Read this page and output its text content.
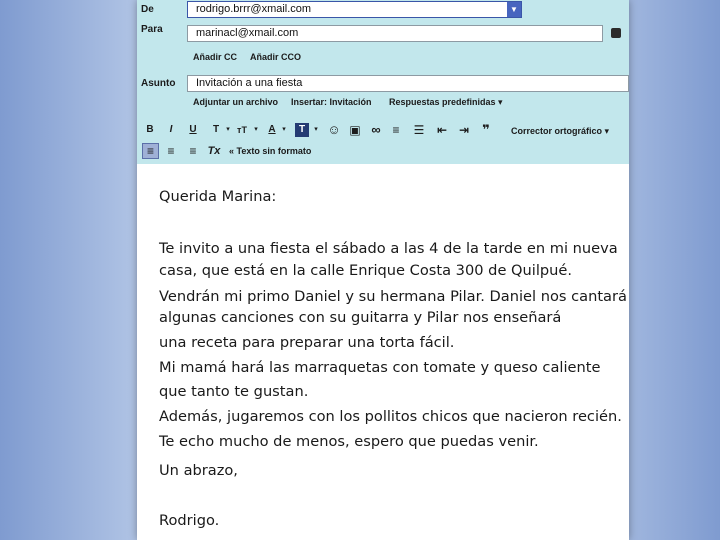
De	rodrigo.brrr@xmail.com	▼
Para	marinacl@xmail.com
Añadir CC Añadir CCO
Asunto	Invitación a una fiesta
Adjuntar un archivo Insertar: Invitación Respuestas predefinidas ▾
B	I	U	T	▾ ᴛT	▾	A ▾	T	▾ ☺ ▣ ∞ ≡ ☰ ⇤ ⇥ ❞	Corrector ortográfico ▾
≡	≡ ≡	Tx « Texto sin formato
Querida Marina:
Te invito a una fiesta el sábado a las 4 de la tarde en mi nueva
casa, que está en la calle Enrique Costa 300 de Quilpué.
Vendrán mi primo Daniel y su hermana Pilar. Daniel nos cantará
algunas canciones con su guitarra y Pilar nos enseñará
una receta para preparar una torta fácil.
Mi mamá hará las marraquetas con tomate y queso caliente
que tanto te gustan.
Además, jugaremos con los pollitos chicos que nacieron recién.
Te echo mucho de menos, espero que puedas venir.
Un abrazo,
Rodrigo.
